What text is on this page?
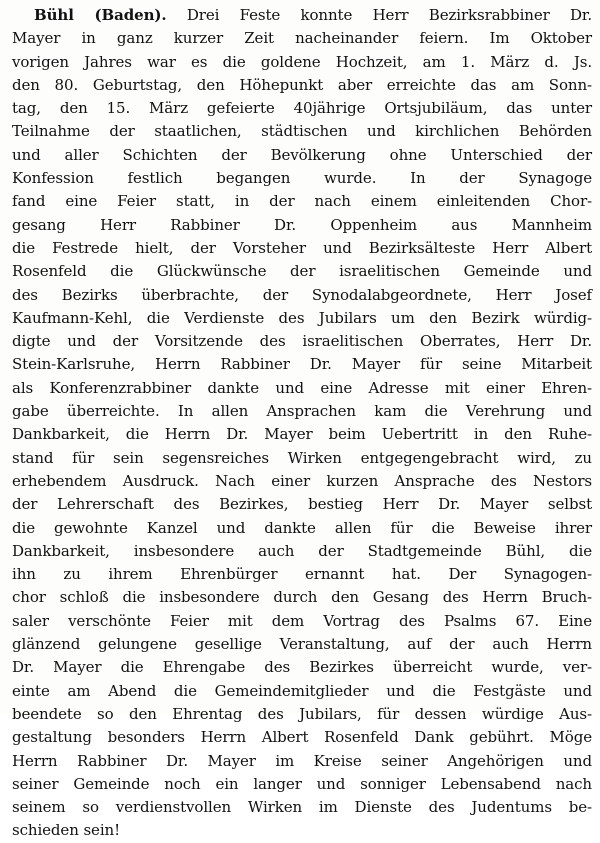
Bühl (Baden). Drei Feste konnte Herr Bezirksrabbiner Dr.
Mayer in ganz kurzer Zeit nacheinander feiern. Im Oktober
vorigen Jahres war es die goldene Hochzeit, am 1. März d. Js.
den 80. Geburtstag, den Höhepunkt aber erreichte das am Sonn-
tag, den 15. März gefeierte 40jährige Ortsjubiläum, das unter
Teilnahme der staatlichen, städtischen und kirchlichen Behörden
und aller Schichten der Bevölkerung ohne Unterschied der
Konfession festlich begangen wurde. In der Synagoge
fand eine Feier statt, in der nach einem einleitenden Chor-
gesang Herr Rabbiner Dr. Oppenheim aus Mannheim
die Festrede hielt, der Vorsteher und Bezirksälteste Herr Albert
Rosenfeld die Glückwünsche der israelitischen Gemeinde und
des Bezirks überbrachte, der Synodalabgeordnete, Herr Josef
Kaufmann-Kehl, die Verdienste des Jubilars um den Bezirk würdig-
digte und der Vorsitzende des israelitischen Oberrates, Herr Dr.
Stein-Karlsruhe, Herrn Rabbiner Dr. Mayer für seine Mitarbeit
als Konferenzrabbiner dankte und eine Adresse mit einer Ehren-
gabe überreichte. In allen Ansprachen kam die Verehrung und
Dankbarkeit, die Herrn Dr. Mayer beim Uebertritt in den Ruhe-
stand für sein segensreiches Wirken entgegengebracht wird, zu
erhebendem Ausdruck. Nach einer kurzen Ansprache des Nestors
der Lehrerschaft des Bezirkes, bestieg Herr Dr. Mayer selbst
die gewohnte Kanzel und dankte allen für die Beweise ihrer
Dankbarkeit, insbesondere auch der Stadtgemeinde Bühl, die
ihn zu ihrem Ehrenbürger ernannt hat. Der Synagogen-
chor schloß die insbesondere durch den Gesang des Herrn Bruch-
saler verschönte Feier mit dem Vortrag des Psalms 67. Eine
glänzend gelungene gesellige Veranstaltung, auf der auch Herrn
Dr. Mayer die Ehrengabe des Bezirkes überreicht wurde, ver-
einte am Abend die Gemeindemitglieder und die Festgäste und
beendete so den Ehrentag des Jubilars, für dessen würdige Aus-
gestaltung besonders Herrn Albert Rosenfeld Dank gebührt. Möge
Herrn Rabbiner Dr. Mayer im Kreise seiner Angehörigen und
seiner Gemeinde noch ein langer und sonniger Lebensabend nach
seinem so verdienstvollen Wirken im Dienste des Judentums be-
schieden sein!
